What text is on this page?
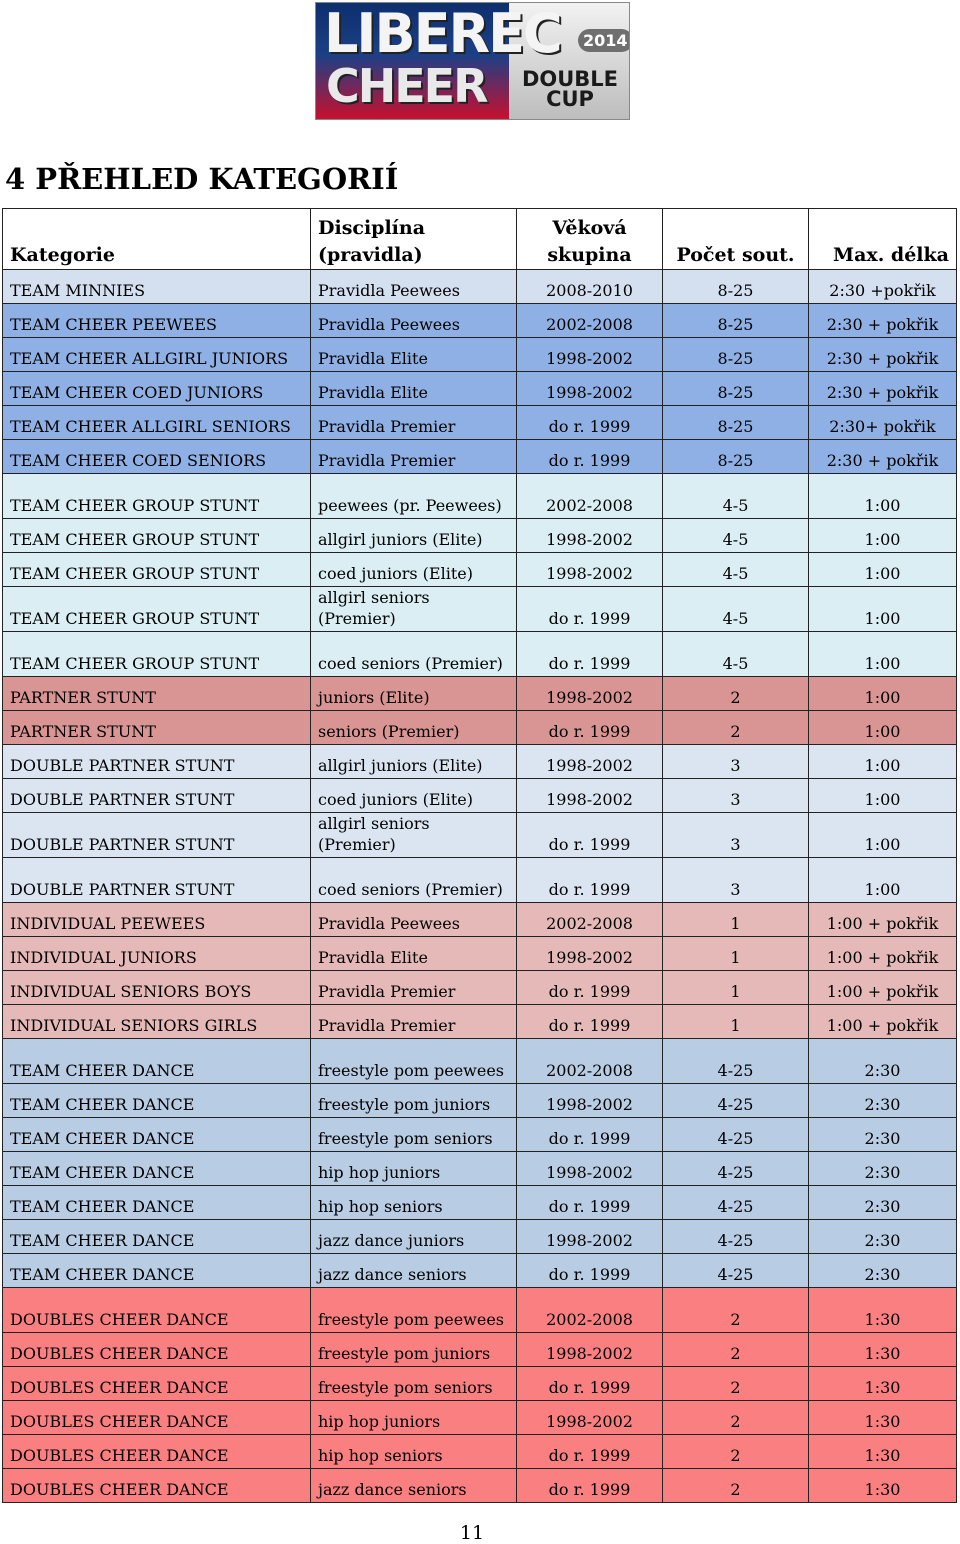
LIBEREC	2014
CHEER	DOUBLE CUP
4 PŘEHLED KATEGORIÍ
Kategorie	Disciplína (pravidla)	Věková skupina	Počet sout.	Max. délka
TEAM MINNIES	Pravidla Peewees	2008-2010	8-25	2:30 +pokřik
TEAM CHEER PEEWEES	Pravidla Peewees	2002-2008	8-25	2:30 + pokřik
TEAM CHEER ALLGIRL JUNIORS	Pravidla Elite	1998-2002	8-25	2:30 + pokřik
TEAM CHEER COED JUNIORS	Pravidla Elite	1998-2002	8-25	2:30 + pokřik
TEAM CHEER ALLGIRL SENIORS	Pravidla Premier	do r. 1999	8-25	2:30+ pokřik
TEAM CHEER COED SENIORS	Pravidla Premier	do r. 1999	8-25	2:30 + pokřik
TEAM CHEER GROUP STUNT	peewees (pr. Peewees)	2002-2008	4-5	1:00
TEAM CHEER GROUP STUNT	allgirl juniors (Elite)	1998-2002	4-5	1:00
TEAM CHEER GROUP STUNT	coed juniors (Elite)	1998-2002	4-5	1:00
TEAM CHEER GROUP STUNT	allgirl seniors (Premier)	do r. 1999	4-5	1:00
TEAM CHEER GROUP STUNT	coed seniors (Premier)	do r. 1999	4-5	1:00
PARTNER STUNT	juniors (Elite)	1998-2002	2	1:00
PARTNER STUNT	seniors (Premier)	do r. 1999	2	1:00
DOUBLE PARTNER STUNT	allgirl juniors (Elite)	1998-2002	3	1:00
DOUBLE PARTNER STUNT	coed juniors (Elite)	1998-2002	3	1:00
DOUBLE PARTNER STUNT	allgirl seniors (Premier)	do r. 1999	3	1:00
DOUBLE PARTNER STUNT	coed seniors (Premier)	do r. 1999	3	1:00
INDIVIDUAL PEEWEES	Pravidla Peewees	2002-2008	1	1:00 + pokřik
INDIVIDUAL JUNIORS	Pravidla Elite	1998-2002	1	1:00 + pokřik
INDIVIDUAL SENIORS BOYS	Pravidla Premier	do r. 1999	1	1:00 + pokřik
INDIVIDUAL SENIORS GIRLS	Pravidla Premier	do r. 1999	1	1:00 + pokřik
TEAM CHEER DANCE	freestyle pom peewees	2002-2008	4-25	2:30
TEAM CHEER DANCE	freestyle pom juniors	1998-2002	4-25	2:30
TEAM CHEER DANCE	freestyle pom seniors	do r. 1999	4-25	2:30
TEAM CHEER DANCE	hip hop juniors	1998-2002	4-25	2:30
TEAM CHEER DANCE	hip hop seniors	do r. 1999	4-25	2:30
TEAM CHEER DANCE	jazz dance juniors	1998-2002	4-25	2:30
TEAM CHEER DANCE	jazz dance seniors	do r. 1999	4-25	2:30
DOUBLES CHEER DANCE	freestyle pom peewees	2002-2008	2	1:30
DOUBLES CHEER DANCE	freestyle pom juniors	1998-2002	2	1:30
DOUBLES CHEER DANCE	freestyle pom seniors	do r. 1999	2	1:30
DOUBLES CHEER DANCE	hip hop juniors	1998-2002	2	1:30
DOUBLES CHEER DANCE	hip hop seniors	do r. 1999	2	1:30
DOUBLES CHEER DANCE	jazz dance seniors	do r. 1999	2	1:30
11
